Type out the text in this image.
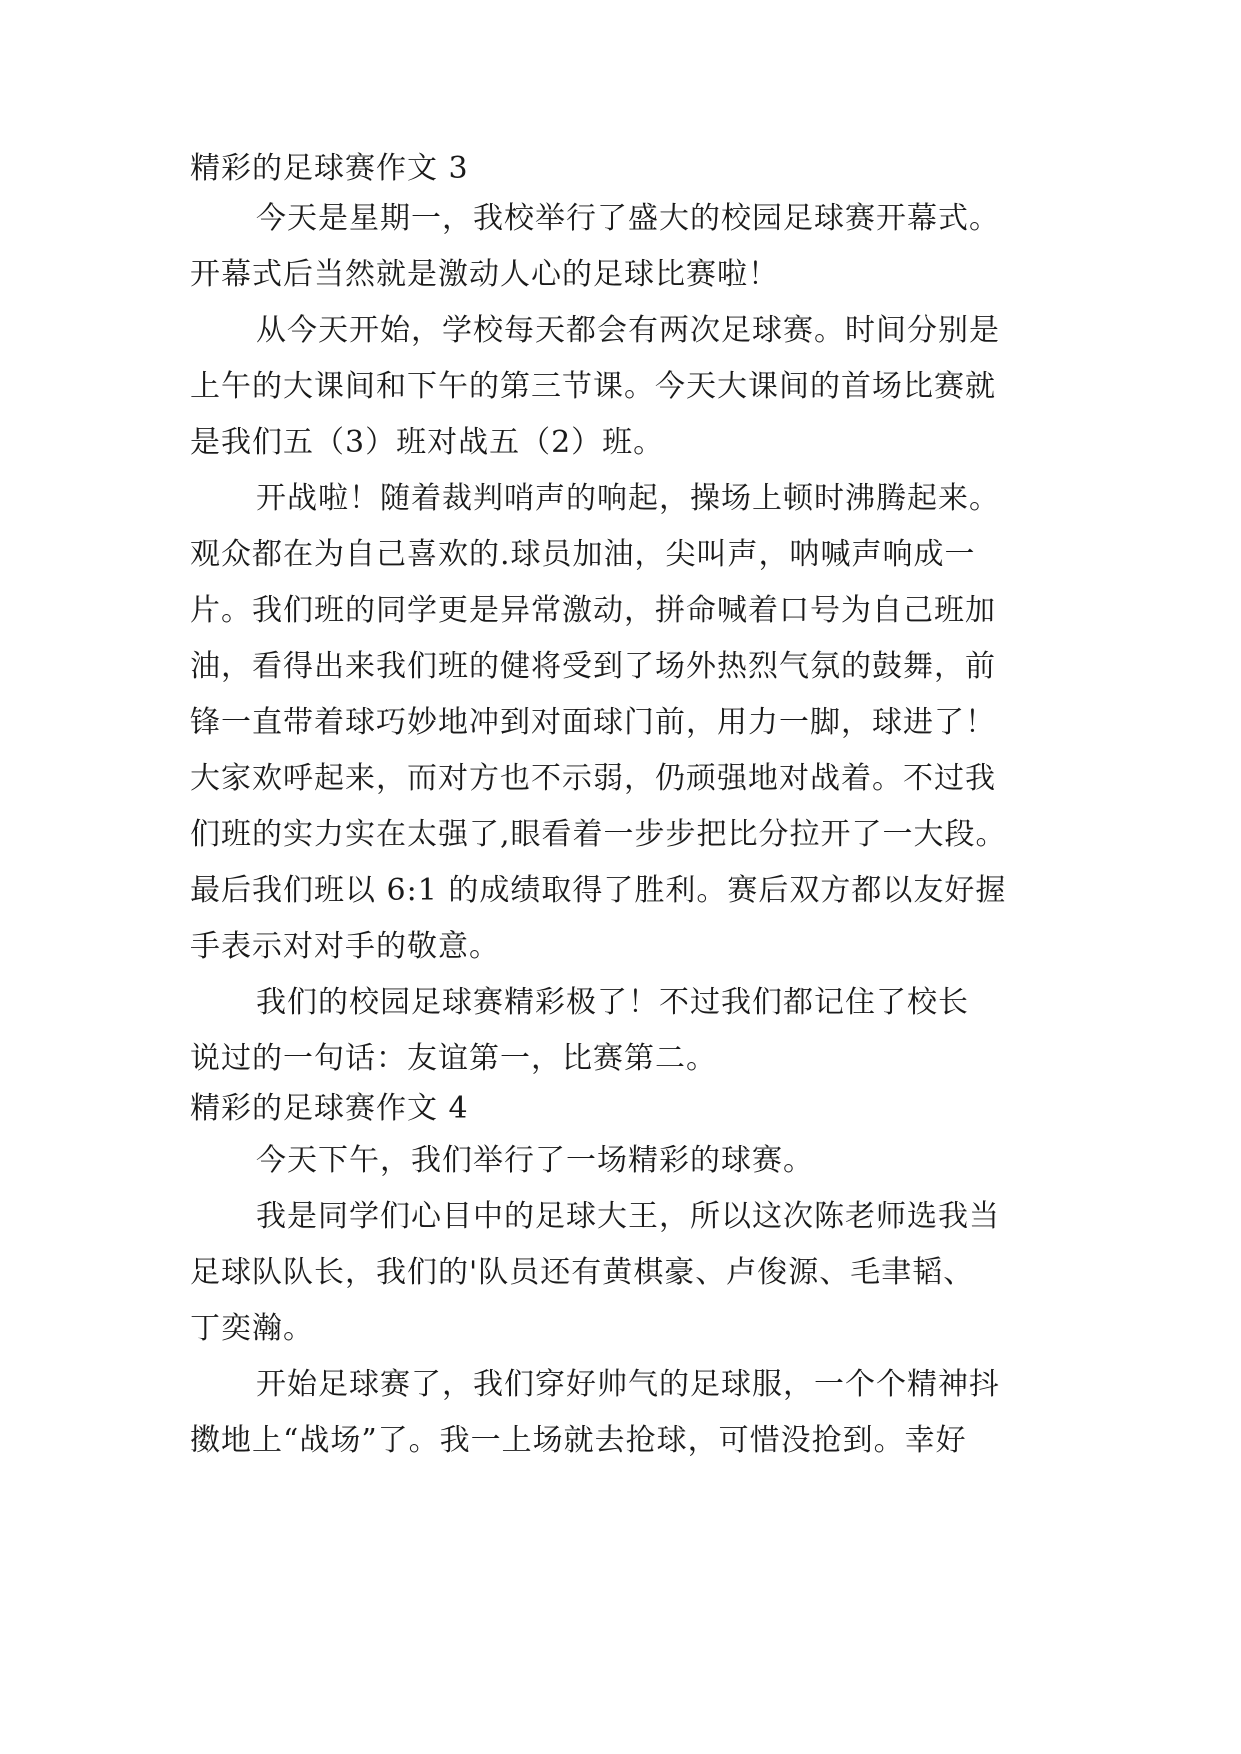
精彩的足球赛作文 3
今天是星期一，我校举行了盛大的校园足球赛开幕式。
开幕式后当然就是激动人心的足球比赛啦！
从今天开始，学校每天都会有两次足球赛。时间分别是
上午的大课间和下午的第三节课。今天大课间的首场比赛就
是我们五（3）班对战五（2）班。
开战啦！随着裁判哨声的响起，操场上顿时沸腾起来。
观众都在为自己喜欢的.球员加油，尖叫声，呐喊声响成一
片。我们班的同学更是异常激动，拼命喊着口号为自己班加
油，看得出来我们班的健将受到了场外热烈气氛的鼓舞，前
锋一直带着球巧妙地冲到对面球门前，用力一脚，球进了！
大家欢呼起来，而对方也不示弱，仍顽强地对战着。不过我
们班的实力实在太强了,眼看着一步步把比分拉开了一大段。
最后我们班以 6:1 的成绩取得了胜利。赛后双方都以友好握
手表示对对手的敬意。
我们的校园足球赛精彩极了！不过我们都记住了校长
说过的一句话：友谊第一，比赛第二。
精彩的足球赛作文 4
今天下午，我们举行了一场精彩的球赛。
我是同学们心目中的足球大王，所以这次陈老师选我当
足球队队长，我们的'队员还有黄棋豪、卢俊源、毛聿韬、
丁奕瀚。
开始足球赛了，我们穿好帅气的足球服，一个个精神抖
擞地上“战场”了。我一上场就去抢球，可惜没抢到。幸好
